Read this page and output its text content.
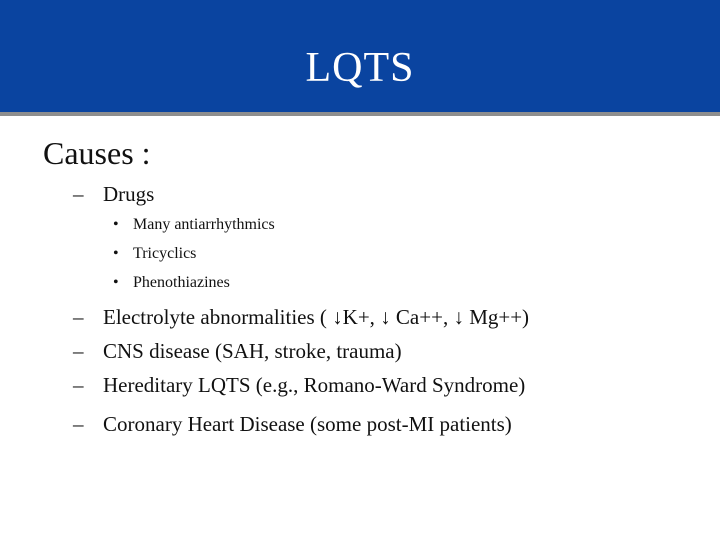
LQTS
Causes :
– Drugs
• Many antiarrhythmics
• Tricyclics
• Phenothiazines
– Electrolyte abnormalities ( ↓K+, ↓ Ca++, ↓ Mg++)
– CNS disease (SAH, stroke, trauma)
– Hereditary LQTS (e.g., Romano-Ward Syndrome)
– Coronary Heart Disease (some post-MI patients)
